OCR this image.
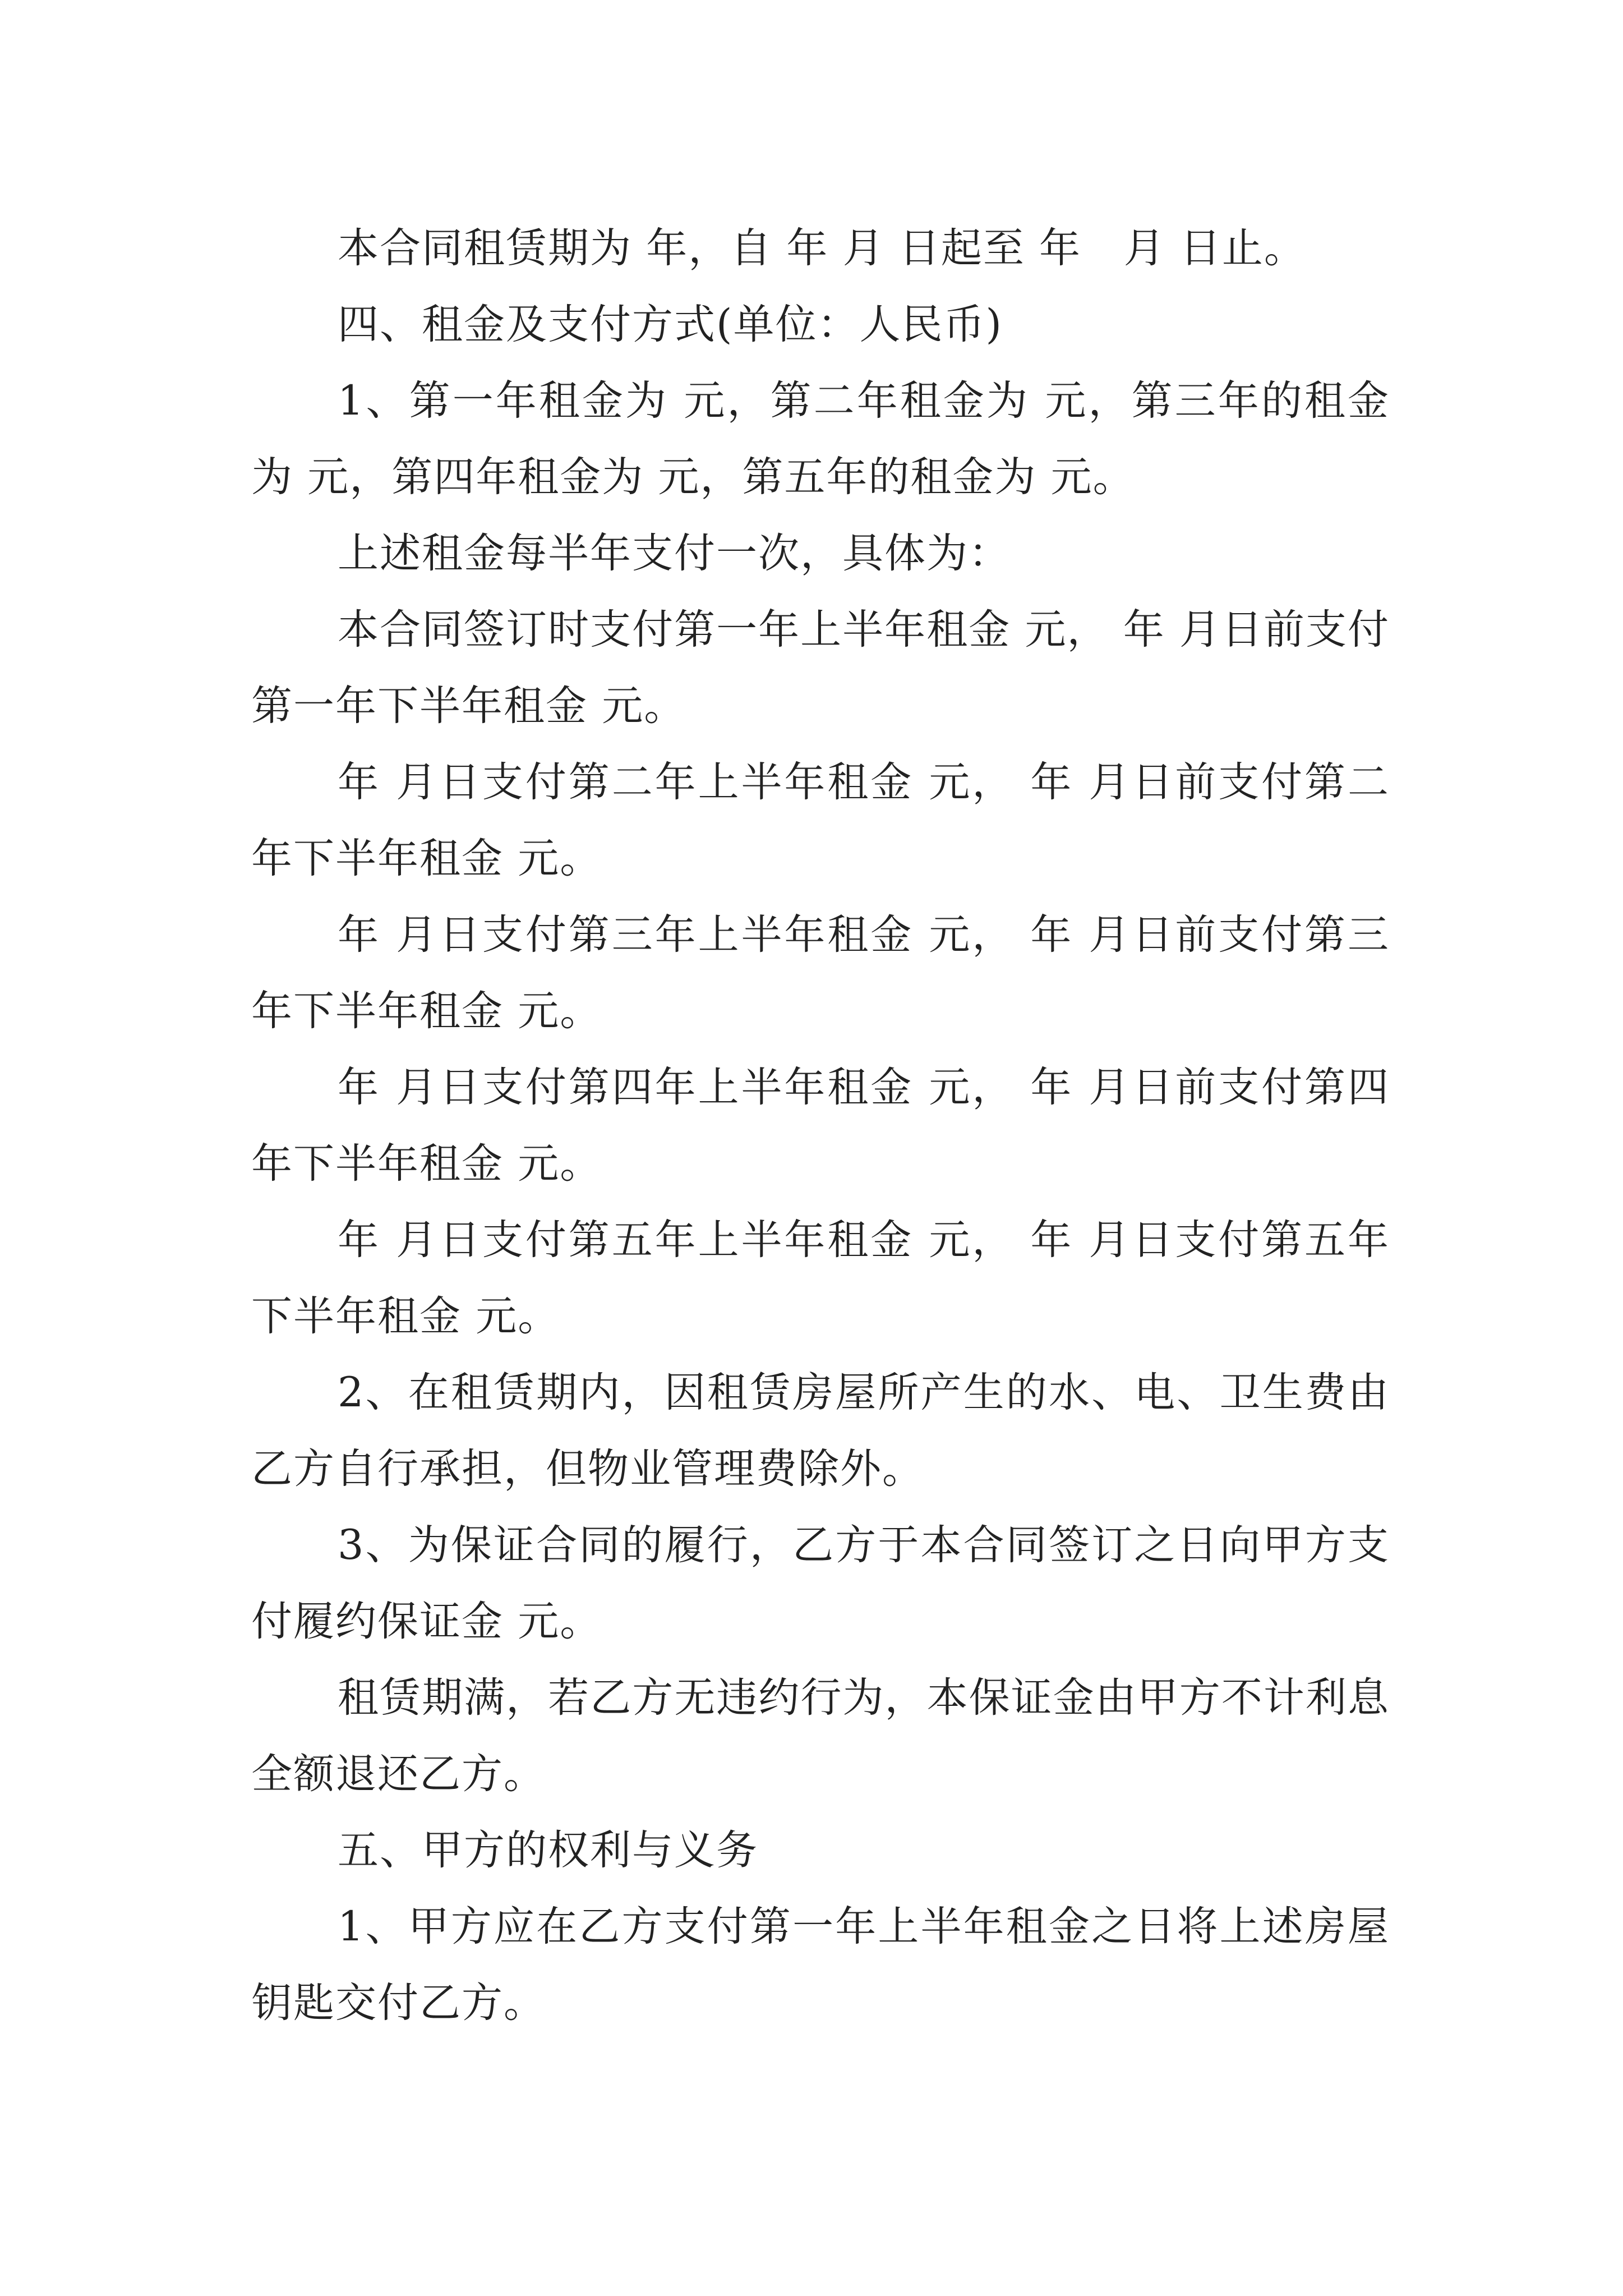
本合同租赁期为 年，自 年 月 日起至 年   月 日止。

四、租金及支付方式(单位：人民币)

1、第一年租金为 元，第二年租金为 元，第三年的租金为 元，第四年租金为 元，第五年的租金为 元。

上述租金每半年支付一次，具体为：

本合同签订时支付第一年上半年租金 元， 年 月日前支付第一年下半年租金 元。

年 月日支付第二年上半年租金 元， 年 月日前支付第二年下半年租金 元。

年 月日支付第三年上半年租金 元， 年 月日前支付第三年下半年租金 元。

年 月日支付第四年上半年租金 元， 年 月日前支付第四年下半年租金 元。

年 月日支付第五年上半年租金 元， 年 月日支付第五年下半年租金 元。

2、在租赁期内，因租赁房屋所产生的水、电、卫生费由乙方自行承担，但物业管理费除外。

3、为保证合同的履行，乙方于本合同签订之日向甲方支付履约保证金 元。

租赁期满，若乙方无违约行为，本保证金由甲方不计利息全额退还乙方。

五、甲方的权利与义务

1、甲方应在乙方支付第一年上半年租金之日将上述房屋钥匙交付乙方。
